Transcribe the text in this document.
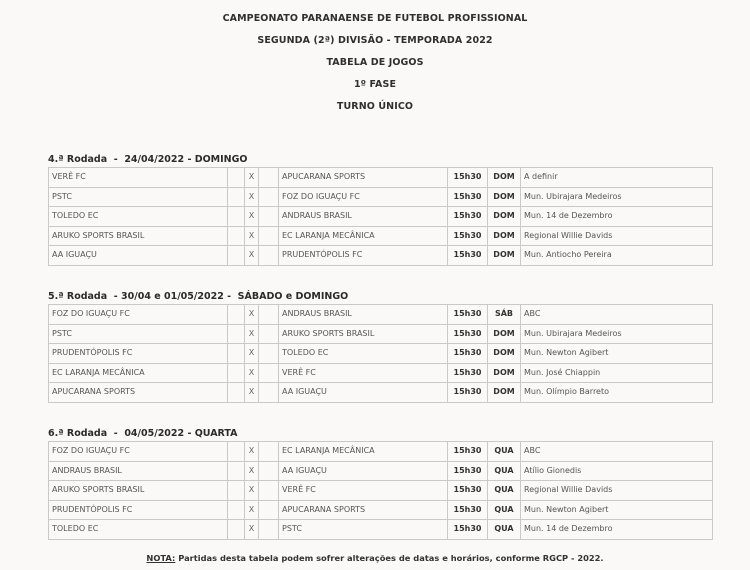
CAMPEONATO PARANAENSE DE FUTEBOL PROFISSIONAL
SEGUNDA (2ª) DIVISÃO - TEMPORADA 2022
TABELA DE JOGOS
1º FASE
TURNO ÚNICO
4.ª Rodada  -  24/04/2022 - DOMINGO
VERÊ FC		X		APUCARANA SPORTS	15h30	DOM	A definir
PSTC		X		FOZ DO IGUAÇU FC	15h30	DOM	Mun. Ubirajara Medeiros
TOLEDO EC		X		ANDRAUS BRASIL	15h30	DOM	Mun. 14 de Dezembro
ARUKO SPORTS BRASIL		X		EC LARANJA MECÂNICA	15h30	DOM	Regional Willie Davids
AA IGUAÇU		X		PRUDENTÓPOLIS FC	15h30	DOM	Mun. Antiocho Pereira
5.ª Rodada  - 30/04 e 01/05/2022 -  SÁBADO e DOMINGO
FOZ DO IGUAÇU FC		X		ANDRAUS BRASIL	15h30	SÁB	ABC
PSTC		X		ARUKO SPORTS BRASIL	15h30	DOM	Mun. Ubirajara Medeiros
PRUDENTÓPOLIS FC		X		TOLEDO EC	15h30	DOM	Mun. Newton Agibert
EC LARANJA MECÂNICA		X		VERÊ FC	15h30	DOM	Mun. José Chiappin
APUCARANA SPORTS		X		AA IGUAÇU	15h30	DOM	Mun. Olímpio Barreto
6.ª Rodada  -  04/05/2022 - QUARTA
FOZ DO IGUAÇU FC		X		EC LARANJA MECÂNICA	15h30	QUA	ABC
ANDRAUS BRASIL		X		AA IGUAÇU	15h30	QUA	Atílio Gionedis
ARUKO SPORTS BRASIL		X		VERÊ FC	15h30	QUA	Regional Willie Davids
PRUDENTÓPOLIS FC		X		APUCARANA SPORTS	15h30	QUA	Mun. Newton Agibert
TOLEDO EC		X		PSTC	15h30	QUA	Mun. 14 de Dezembro
NOTA: Partidas desta tabela podem sofrer alterações de datas e horários, conforme RGCP - 2022.
